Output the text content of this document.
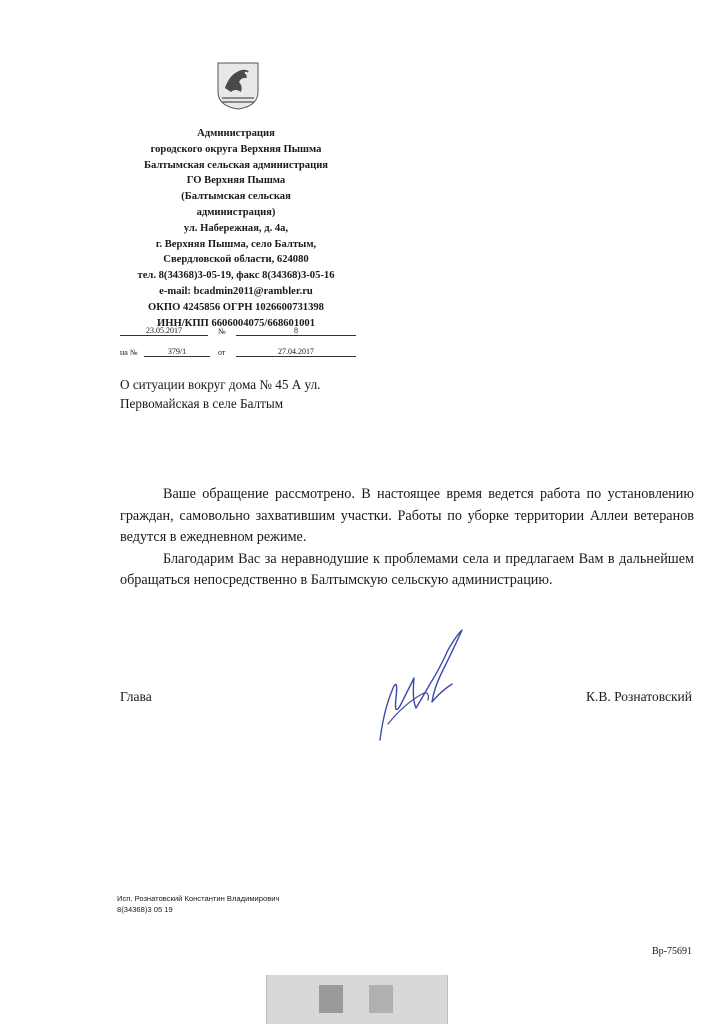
Администрация
городского округа Верхняя Пышма
Балтымская сельская администрация
ГО Верхняя Пышма
(Балтымская сельская
администрация)
ул. Набережная, д. 4а,
г. Верхняя Пышма, село Балтым,
Свердловской области, 624080
тел. 8(34368)3-05-19, факс 8(34368)3-05-16
e-mail: bcadmin2011@rambler.ru
ОКПО 4245856 ОГРН 1026600731398
ИНН/КПП 6606004075/668601001
23.05.2017	№	8
на №	379/1	от	27.04.2017
О ситуации вокруг дома № 45 А ул. Первомайская в селе Балтым

Ваше обращение рассмотрено. В настоящее время ведется работа по установлению граждан, самовольно захватившим участки. Работы по уборке территории Аллеи ветеранов ведутся в ежедневном режиме.

Благодарим Вас за неравнодушие к проблемами села и предлагаем Вам в дальнейшем обращаться непосредственно в Балтымскую сельскую администрацию.

Глава	К.В. Рознатовский
Исп. Рознатовский Константин Владимирович
8(34368)3 05 19
Вр-75691
